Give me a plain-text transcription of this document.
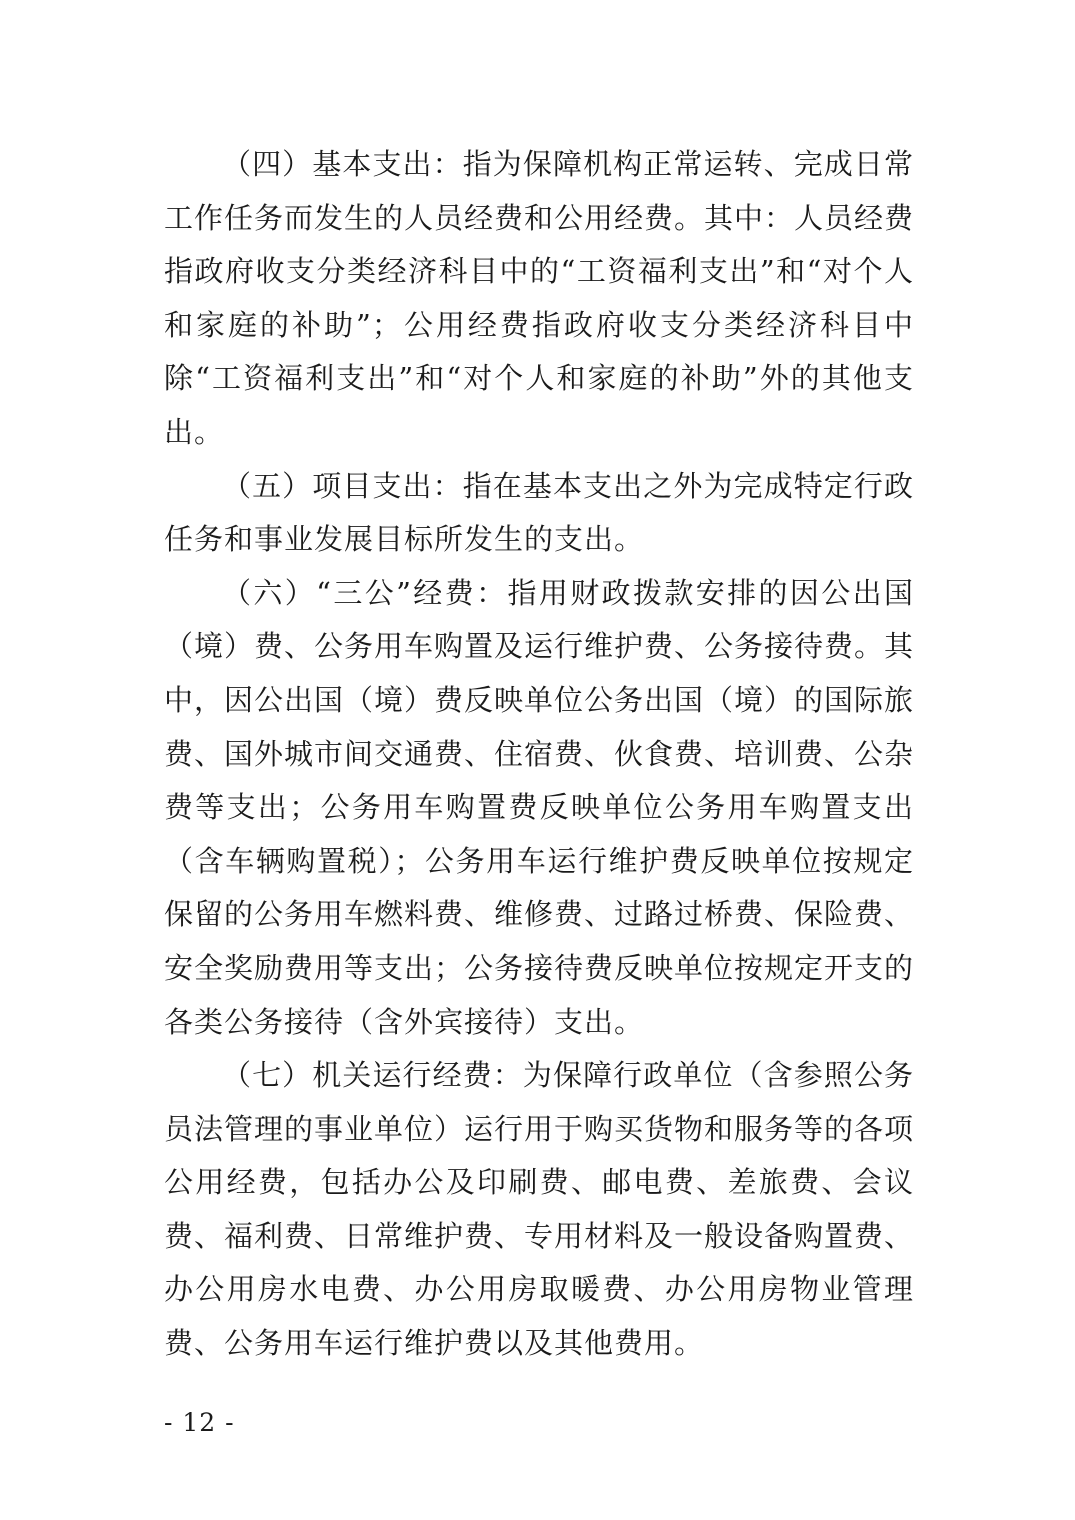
（四）基本支出：指为保障机构正常运转、完成日常工作任务而发生的人员经费和公用经费。其中：人员经费指政府收支分类经济科目中的“工资福利支出”和“对个人和家庭的补助”；公用经费指政府收支分类经济科目中除“工资福利支出”和“对个人和家庭的补助”外的其他支出。

（五）项目支出：指在基本支出之外为完成特定行政任务和事业发展目标所发生的支出。

（六）“三公”经费：指用财政拨款安排的因公出国（境）费、公务用车购置及运行维护费、公务接待费。其中，因公出国（境）费反映单位公务出国（境）的国际旅费、国外城市间交通费、住宿费、伙食费、培训费、公杂费等支出；公务用车购置费反映单位公务用车购置支出（含车辆购置税）；公务用车运行维护费反映单位按规定保留的公务用车燃料费、维修费、过路过桥费、保险费、安全奖励费用等支出；公务接待费反映单位按规定开支的各类公务接待（含外宾接待）支出。

（七）机关运行经费：为保障行政单位（含参照公务员法管理的事业单位）运行用于购买货物和服务等的各项公用经费，包括办公及印刷费、邮电费、差旅费、会议费、福利费、日常维护费、专用材料及一般设备购置费、办公用房水电费、办公用房取暖费、办公用房物业管理费、公务用车运行维护费以及其他费用。

- 12 -
